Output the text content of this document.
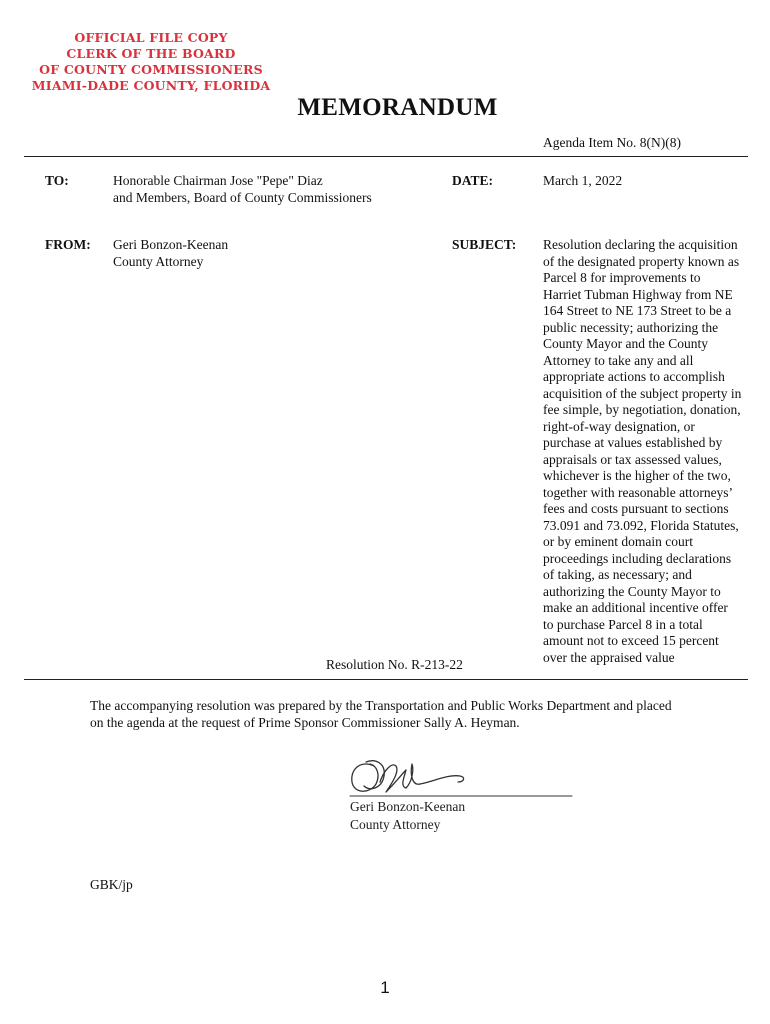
OFFICIAL FILE COPY
CLERK OF THE BOARD
OF COUNTY COMMISSIONERS
MIAMI-DADE COUNTY, FLORIDA
MEMORANDUM
Agenda Item No. 8(N)(8)
TO:	Honorable Chairman Jose "Pepe" Diaz
and Members, Board of County Commissioners
DATE:	March 1, 2022
FROM: Geri Bonzon-Keenan
County Attorney
SUBJECT: Resolution declaring the acquisition
of the designated property known as
Parcel 8 for improvements to
Harriet Tubman Highway from NE
164 Street to NE 173 Street to be a
public necessity; authorizing the
County Mayor and the County
Attorney to take any and all
appropriate actions to accomplish
acquisition of the subject property in
fee simple, by negotiation, donation,
right-of-way designation, or
purchase at values established by
appraisals or tax assessed values,
whichever is the higher of the two,
together with reasonable attorneys’
fees and costs pursuant to sections
73.091 and 73.092, Florida Statutes,
or by eminent domain court
proceedings including declarations
of taking, as necessary; and
authorizing the County Mayor to
make an additional incentive offer
to purchase Parcel 8 in a total
amount not to exceed 15 percent
over the appraised value
Resolution No. R-213-22
The accompanying resolution was prepared by the Transportation and Public Works Department and placed
on the agenda at the request of Prime Sponsor Commissioner Sally A. Heyman.
Geri Bonzon-Keenan
County Attorney
GBK/jp
1
